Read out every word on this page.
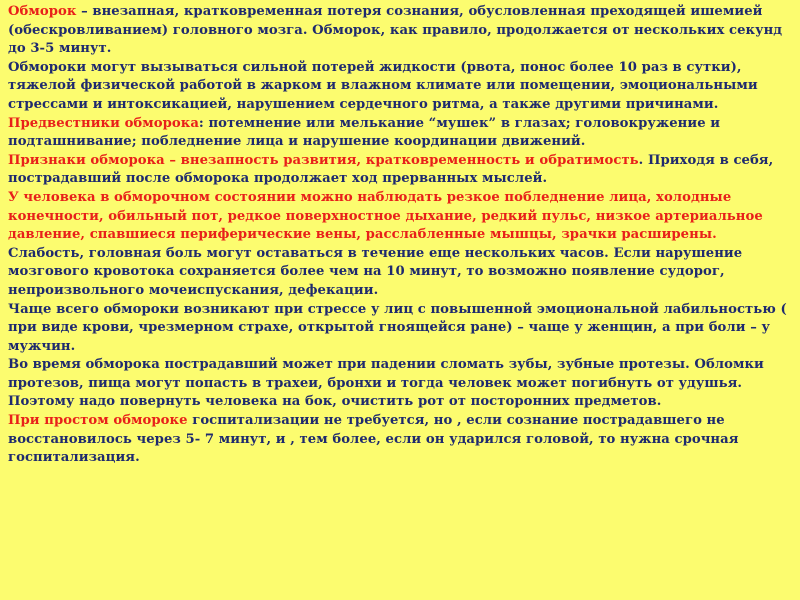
Обморок – внезапная, кратковременная потеря сознания, обусловленная преходящей ишемией (обескровливанием) головного мозга. Обморок, как правило, продолжается от нескольких секунд до 3-5 минут.

Обмороки могут вызываться сильной потерей жидкости (рвота, понос более 10 раз в сутки), тяжелой физической работой в жарком и влажном климате или помещении, эмоциональными стрессами и интоксикацией, нарушением сердечного ритма, а также другими причинами.

Предвестники обморока: потемнение или мелькание “мушек” в глазах; головокружение и подташнивание; побледнение лица и нарушение координации движений.

Признаки обморока – внезапность развития, кратковременность и обратимость. Приходя в себя, пострадавший после обморока продолжает ход прерванных мыслей.

У человека в обморочном состоянии можно наблюдать резкое побледнение лица, холодные конечности, обильный пот, редкое поверхностное дыхание, редкий пульс, низкое артериальное давление, спавшиеся периферические вены, расслабленные мышцы, зрачки расширены.

Слабость, головная боль могут оставаться в течение еще нескольких часов. Если нарушение мозгового кровотока сохраняется более чем на 10 минут, то возможно появление судорог, непроизвольного мочеиспускания, дефекации.

Чаще всего обмороки возникают при стрессе у лиц с повышенной эмоциональной лабильностью ( при виде крови, чрезмерном страхе, открытой гноящейся ране) – чаще у женщин, а при боли – у мужчин.

Во время обморока пострадавший может при падении сломать зубы, зубные протезы. Обломки протезов, пища могут попасть в трахеи, бронхи и тогда человек может погибнуть от удушья. Поэтому надо повернуть человека на бок, очистить рот от посторонних предметов.

При простом обмороке госпитализации не требуется, но , если сознание пострадавшего не восстановилось через 5- 7 минут, и , тем более, если он ударился головой, то нужна срочная госпитализация.
